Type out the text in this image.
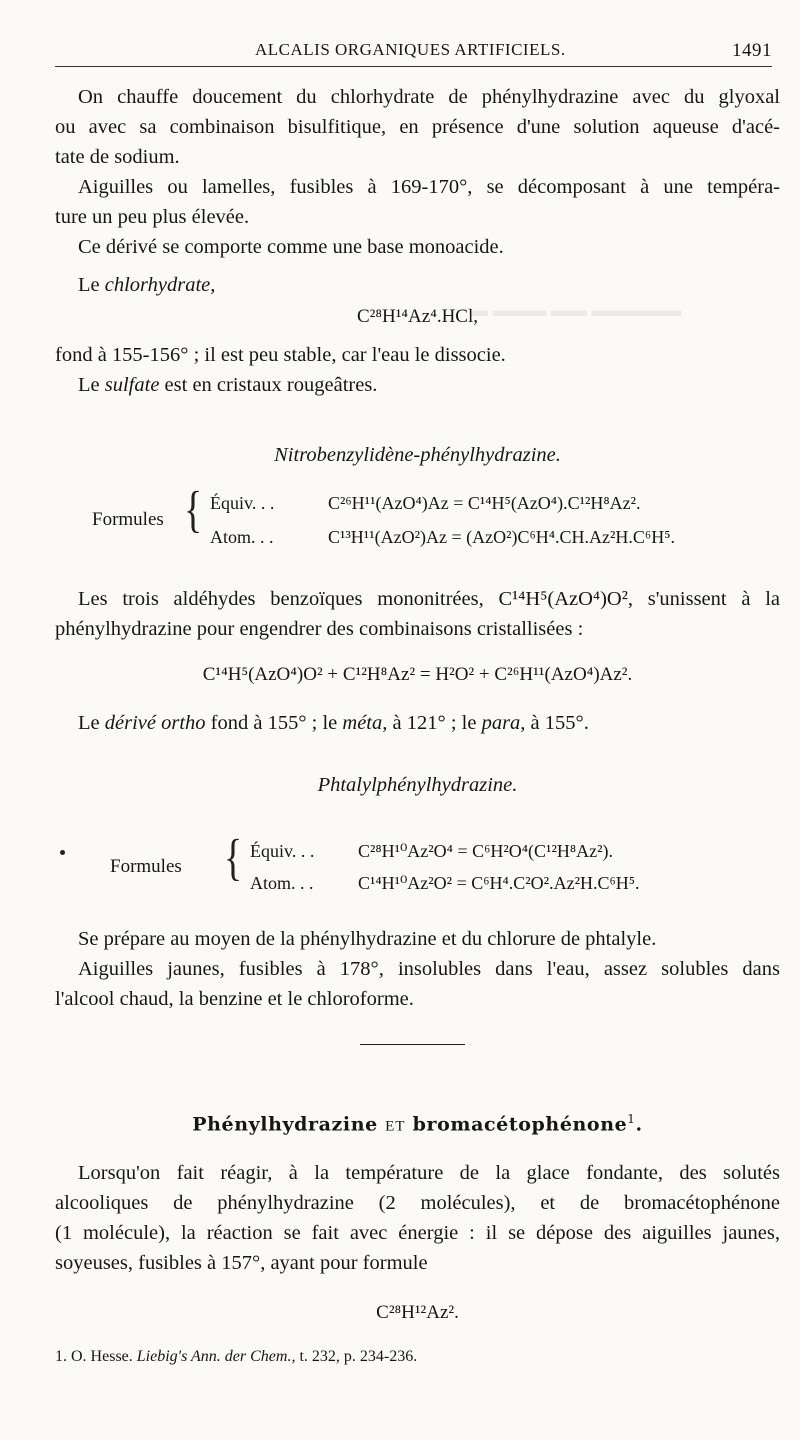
▬ ▬▬▬ ▬▬ ▬▬▬▬▬
ALCALIS ORGANIQUES ARTIFICIELS.	1491
On chauffe doucement du chlorhydrate de phénylhydrazine avec du glyoxal
ou avec sa combinaison bisulfitique, en présence d'une solution aqueuse d'acé-
tate de sodium.
Aiguilles ou lamelles, fusibles à 169-170°, se décomposant à une tempéra-
ture un peu plus élevée.
Ce dérivé se comporte comme une base monoacide.
Le chlorhydrate,
C²⁸H¹⁴Az⁴.HCl,
fond à 155-156° ; il est peu stable, car l'eau le dissocie.
Le sulfate est en cristaux rougeâtres.
Nitrobenzylidène-phénylhydrazine.
Formules { Équiv. . .	C²⁶H¹¹(AzO⁴)Az = C¹⁴H⁵(AzO⁴).C¹²H⁸Az².
Atom. . .	C¹³H¹¹(AzO²)Az = (AzO²)C⁶H⁴.CH.Az²H.C⁶H⁵.
Les trois aldéhydes benzoïques mononitrées, C¹⁴H⁵(AzO⁴)O², s'unissent à la
phénylhydrazine pour engendrer des combinaisons cristallisées :
C¹⁴H⁵(AzO⁴)O² + C¹²H⁸Az² = H²O² + C²⁶H¹¹(AzO⁴)Az².
Le dérivé ortho fond à 155° ; le méta, à 121° ; le para, à 155°.
Phtalylphénylhydrazine.
Formules { Équiv. . . C²⁸H¹⁰Az²O⁴ = C⁶H²O⁴(C¹²H⁸Az²).
Atom. . . C¹⁴H¹⁰Az²O² = C⁶H⁴.C²O².Az²H.C⁶H⁵.
Se prépare au moyen de la phénylhydrazine et du chlorure de phtalyle.
Aiguilles jaunes, fusibles à 178°, insolubles dans l'eau, assez solubles dans
l'alcool chaud, la benzine et le chloroforme.
Phénylhydrazine ET bromacétophénone$^1$.
Lorsqu'on fait réagir, à la température de la glace fondante, des solutés
alcooliques de phénylhydrazine (2 molécules), et de bromacétophénone
(1 molécule), la réaction se fait avec énergie : il se dépose des aiguilles jaunes,
soyeuses, fusibles à 157°, ayant pour formule
C²⁸H¹²Az².
1. O. Hesse. Liebig's Ann. der Chem., t. 232, p. 234-236.
